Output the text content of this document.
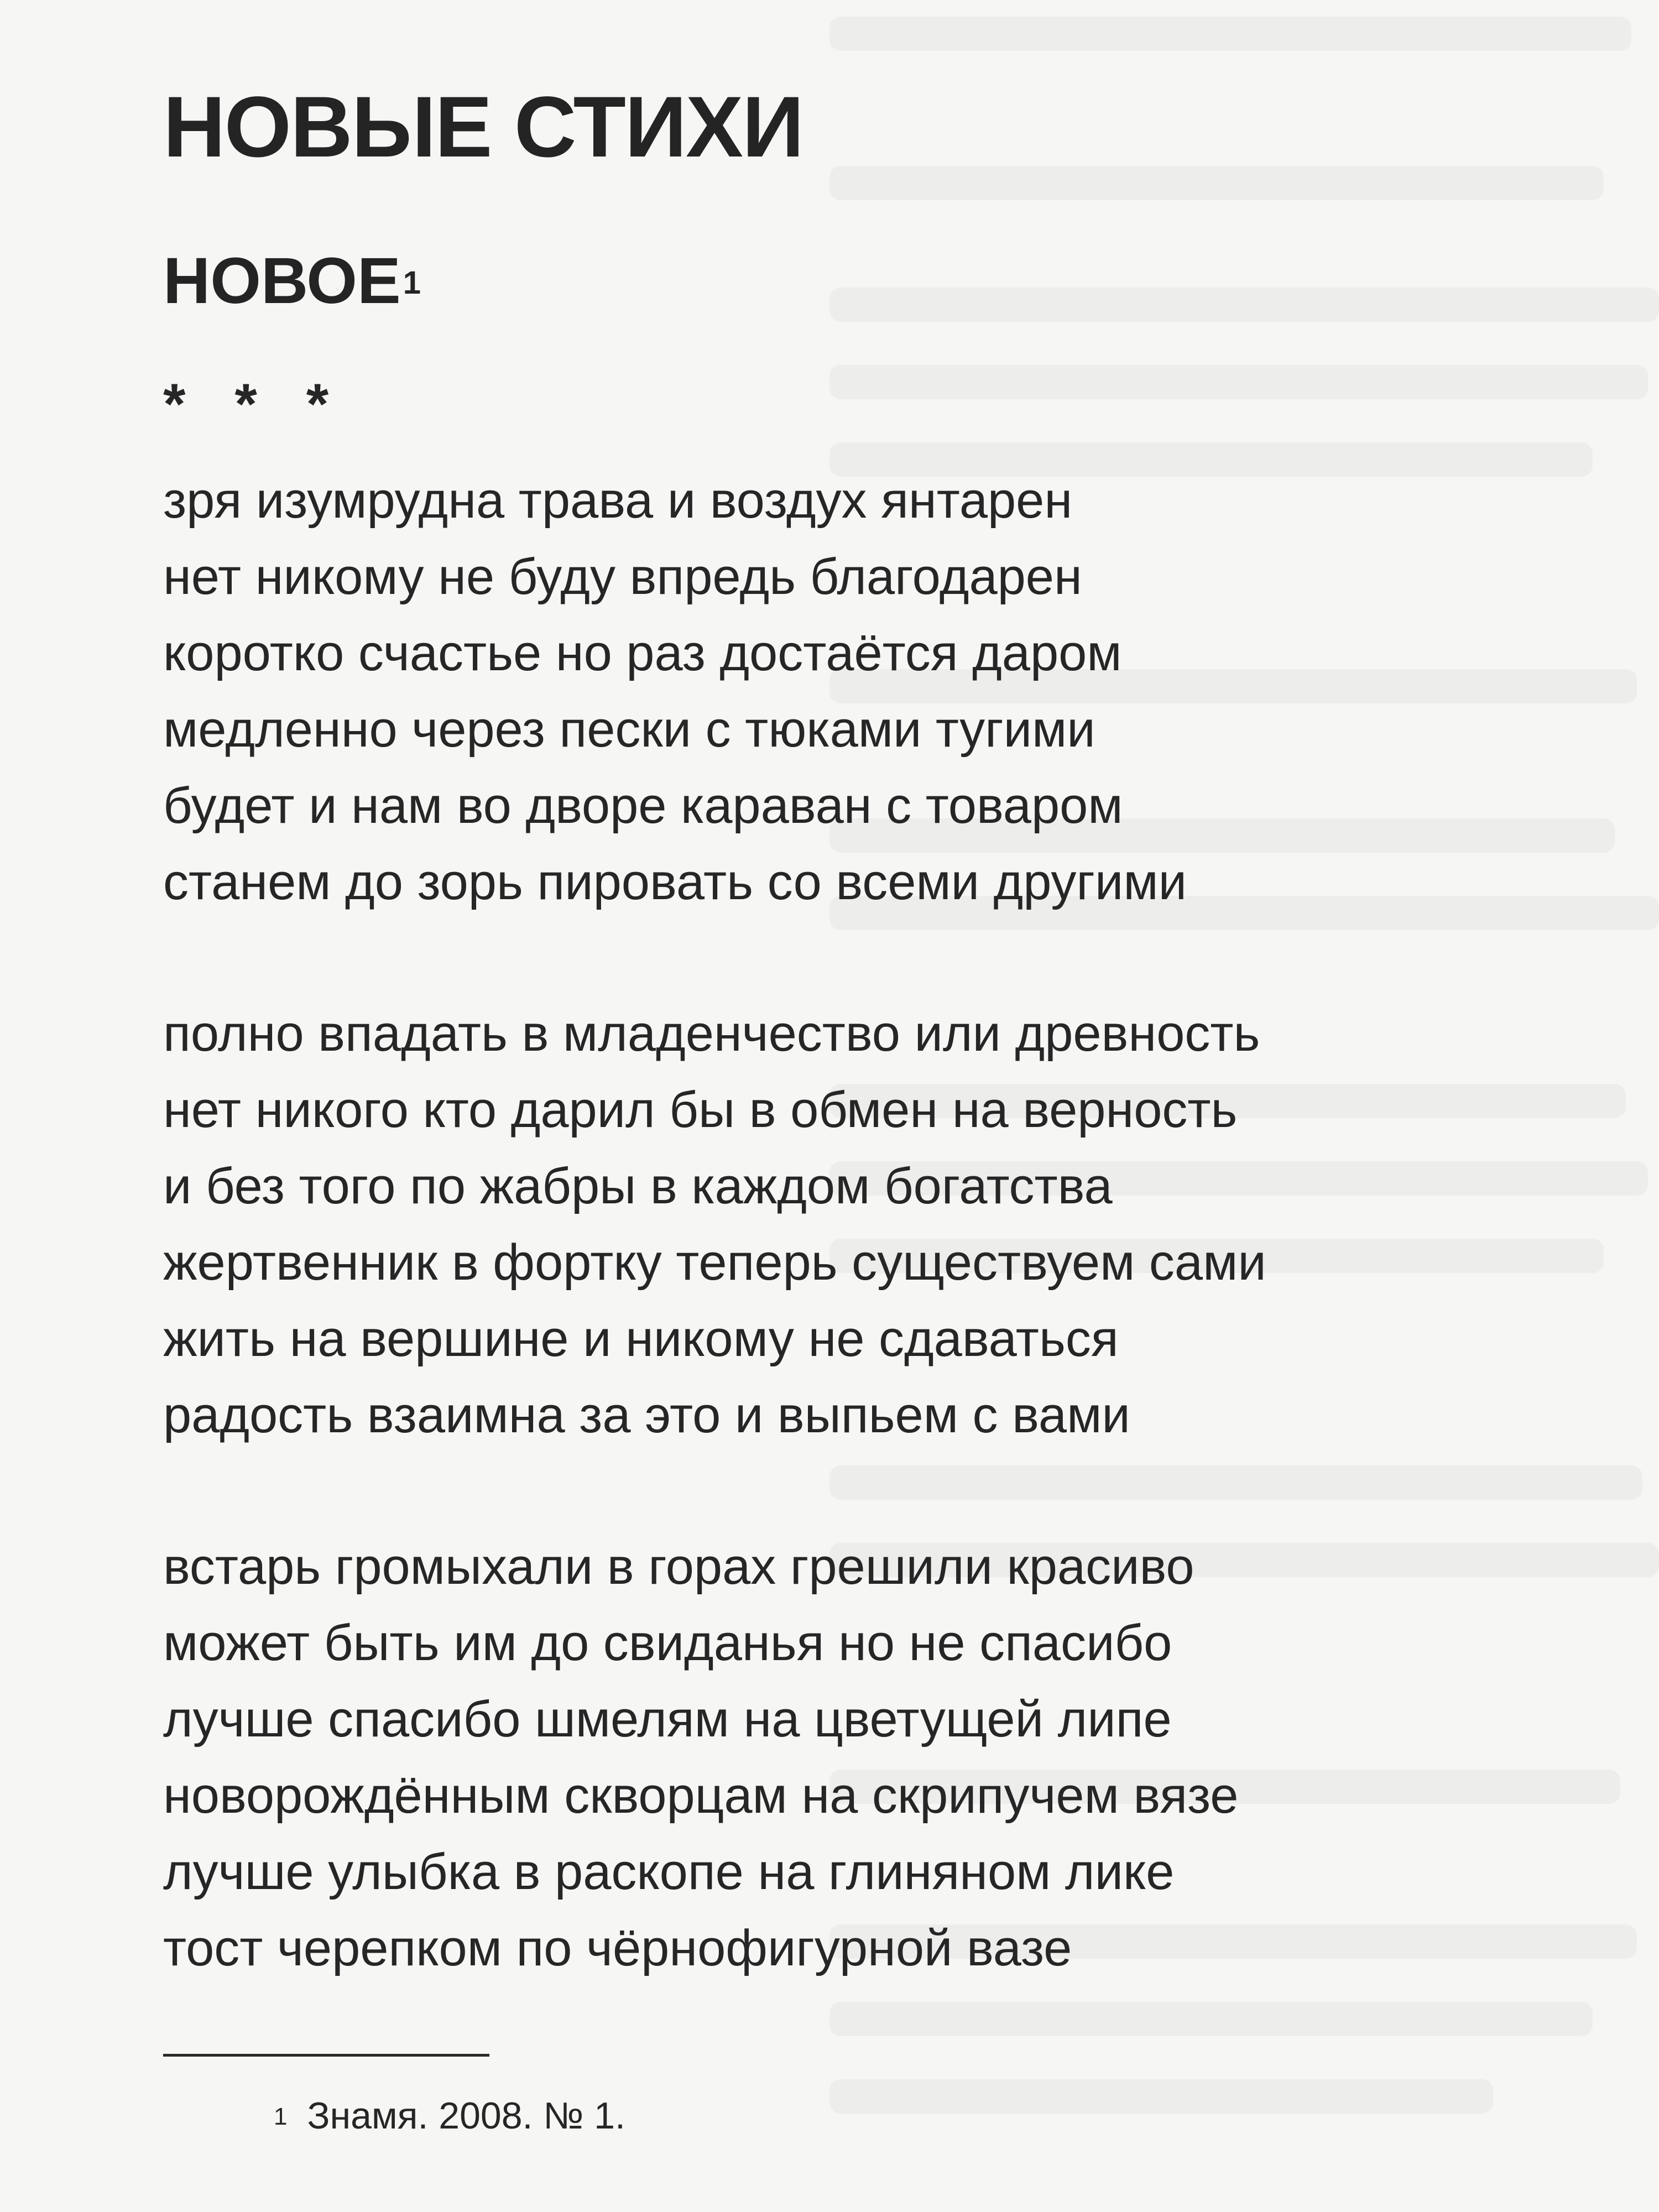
НОВЫЕ СТИХИ
НОВОЕ$^1$
* * *
зря изумрудна трава и воздух янтарен
нет никому не буду впредь благодарен
коротко счастье но раз достаётся даром
медленно через пески с тюками тугими
будет и нам во дворе караван с товаром
станем до зорь пировать со всеми другими
полно впадать в младенчество или древность
нет никого кто дарил бы в обмен на верность
и без того по жабры в каждом богатства
жертвенник в фортку теперь существуем сами
жить на вершине и никому не сдаваться
радость взаимна за это и выпьем с вами
встарь громыхали в горах грешили красиво
может быть им до свиданья но не спасибо
лучше спасибо шмелям на цветущей липе
новорождённым скворцам на скрипучем вязе
лучше улыбка в раскопе на глиняном лике
тост черепком по чёрнофигурной вазе
$^1$ Знамя. 2008. № 1.
